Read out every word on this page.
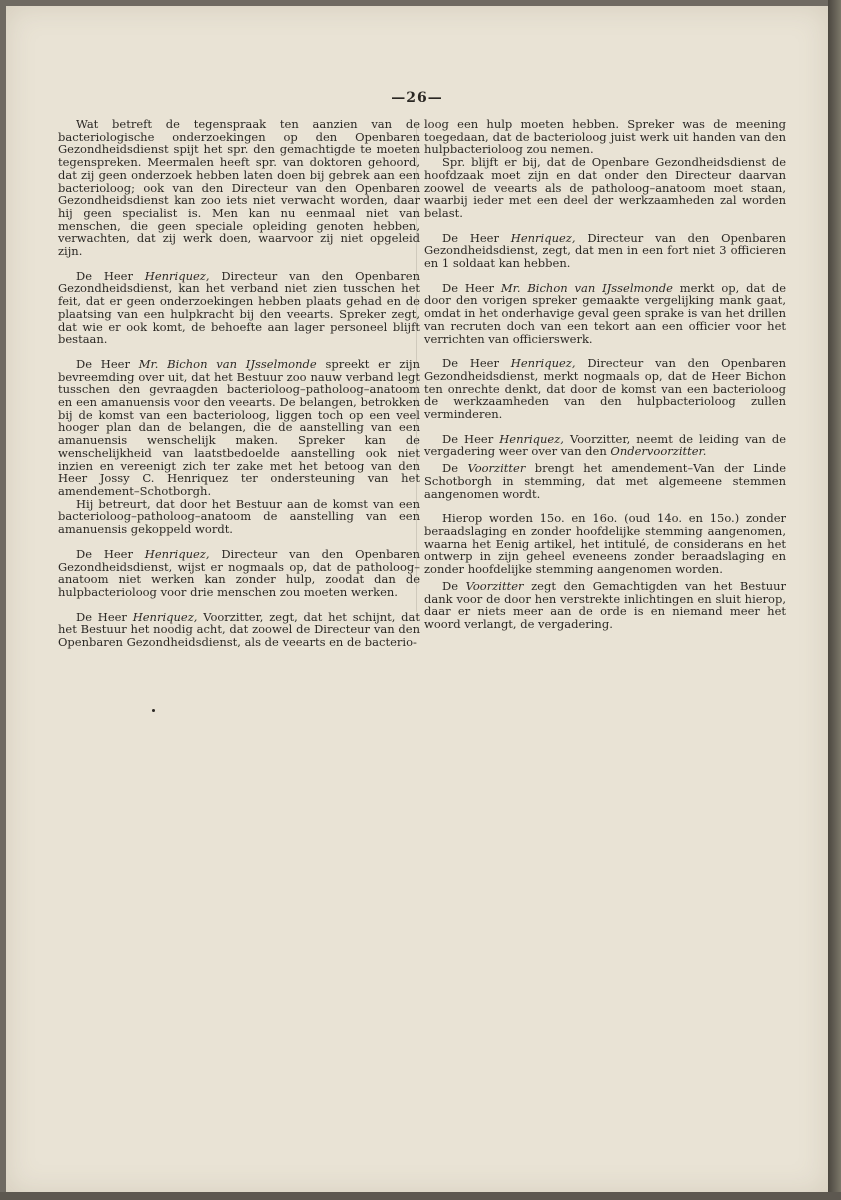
—26—

Wat betreft de tegenspraak ten aanzien van de bacteriologische onderzoekingen op den Openbaren Gezondheidsdienst spijt het spr. den gemachtigde te moeten tegenspreken. Meermalen heeft spr. van doktoren gehoord, dat zij geen onderzoek hebben laten doen bij gebrek aan een bacterioloog; ook van den Directeur van den Openbaren Gezondheidsdienst kan zoo iets niet verwacht worden, daar hij geen specialist is. Men kan nu eenmaal niet van menschen, die geen speciale opleiding genoten hebben, verwachten, dat zij werk doen, waarvoor zij niet opgeleid zijn.

De Heer Henriquez, Directeur van den Openbaren Gezondheidsdienst, kan het verband niet zien tusschen het feit, dat er geen onderzoekingen hebben plaats gehad en de plaatsing van een hulpkracht bij den veearts. Spreker zegt, dat wie er ook komt, de behoefte aan lager personeel blijft bestaan.

De Heer Mr. Bichon van IJsselmonde spreekt er zijn bevreemding over uit, dat het Bestuur zoo nauw verband legt tusschen den gevraagden bacterioloog–patholoog–anatoom en een amanuensis voor den veearts. De belangen, betrokken bij de komst van een bacterioloog, liggen toch op een veel hooger plan dan de belangen, die de aanstelling van een amanuensis wenschelijk maken. Spreker kan de wenschelijkheid van laatstbedoelde aanstelling ook niet inzien en vereenigt zich ter zake met het betoog van den Heer Jossy C. Henriquez ter ondersteuning van het amendement–Schotborgh.

Hij betreurt, dat door het Bestuur aan de komst van een bacterioloog–patholoog–anatoom de aanstelling van een amanuensis gekoppeld wordt.

De Heer Henriquez, Directeur van den Openbaren Gezondheidsdienst, wijst er nogmaals op, dat de patholoog–anatoom niet werken kan zonder hulp, zoodat dan de hulpbacterioloog voor drie menschen zou moeten werken.

De Heer Henriquez, Voorzitter, zegt, dat het schijnt, dat het Bestuur het noodig acht, dat zoowel de Directeur van den Openbaren Gezondheidsdienst, als de veearts en de bacterio-

loog een hulp moeten hebben. Spreker was de meening toegedaan, dat de bacterioloog juist werk uit handen van den hulpbacterioloog zou nemen.

Spr. blijft er bij, dat de Openbare Gezondheidsdienst de hoofdzaak moet zijn en dat onder den Directeur daarvan zoowel de veearts als de patholoog–anatoom moet staan, waarbij ieder met een deel der werkzaamheden zal worden belast.

De Heer Henriquez, Directeur van den Openbaren Gezondheidsdienst, zegt, dat men in een fort niet 3 officieren en 1 soldaat kan hebben.

De Heer Mr. Bichon van IJsselmonde merkt op, dat de door den vorigen spreker gemaakte vergelijking mank gaat, omdat in het onderhavige geval geen sprake is van het drillen van recruten doch van een tekort aan een officier voor het verrichten van officierswerk.

De Heer Henriquez, Directeur van den Openbaren Gezondheidsdienst, merkt nogmaals op, dat de Heer Bichon ten onrechte denkt, dat door de komst van een bacterioloog de werkzaamheden van den hulpbacterioloog zullen verminderen.

De Heer Henriquez, Voorzitter, neemt de leiding van de vergadering weer over van den Ondervoorzitter.

De Voorzitter brengt het amendement–Van der Linde Schotborgh in stemming, dat met algemeene stemmen aangenomen wordt.

Hierop worden 15o. en 16o. (oud 14o. en 15o.) zonder beraadslaging en zonder hoofdelijke stemming aangenomen, waarna het Eenig artikel, het intitulé, de considerans en het ontwerp in zijn geheel eveneens zonder beraadslaging en zonder hoofdelijke stemming aangenomen worden.

De Voorzitter zegt den Gemachtigden van het Bestuur dank voor de door hen verstrekte inlichtingen en sluit hierop, daar er niets meer aan de orde is en niemand meer het woord verlangt, de vergadering.
